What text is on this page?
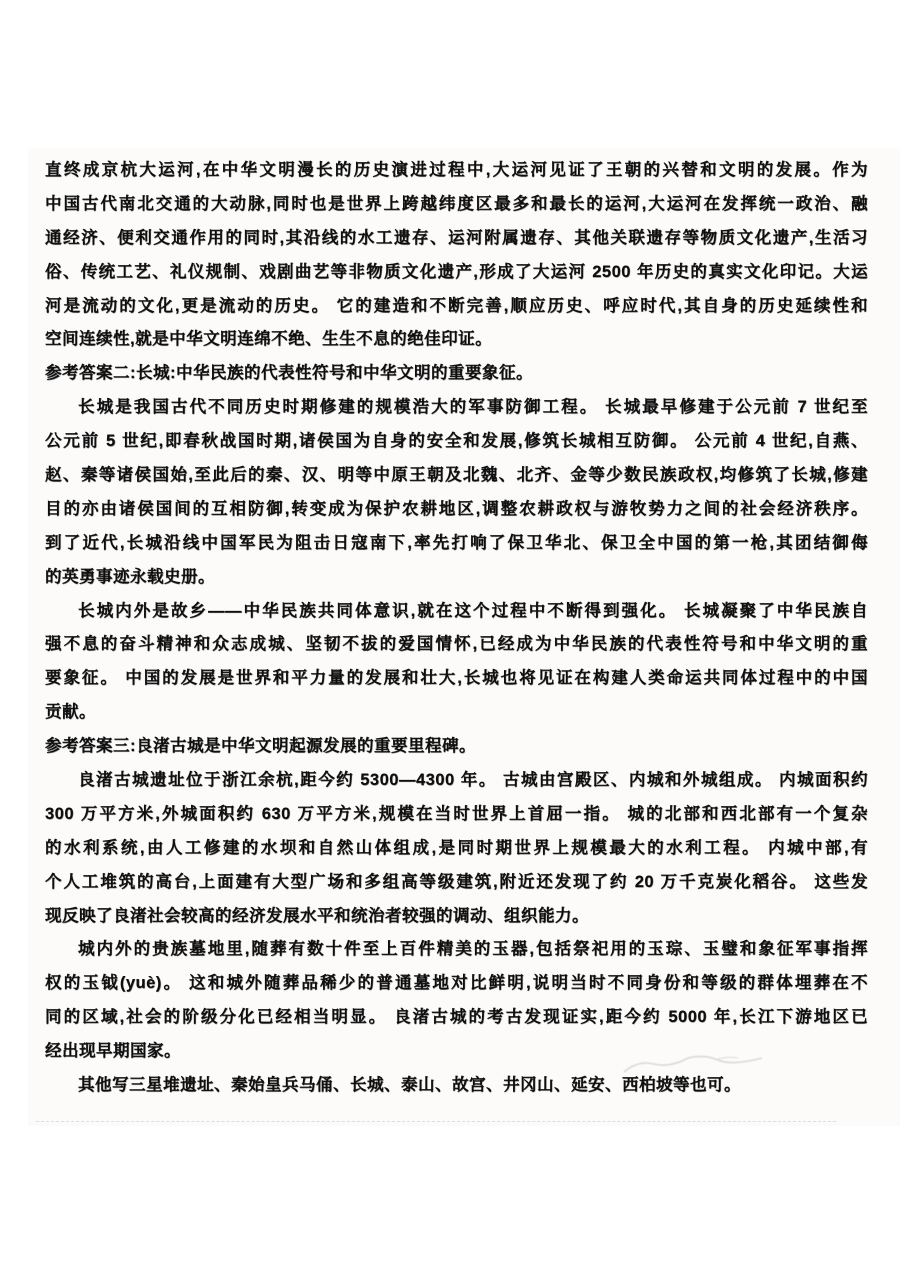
直终成京杭大运河,在中华文明漫长的历史演进过程中,大运河见证了王朝的兴替和文明的发展。作为
中国古代南北交通的大动脉,同时也是世界上跨越纬度区最多和最长的运河,大运河在发挥统一政治、融
通经济、便利交通作用的同时,其沿线的水工遗存、运河附属遗存、其他关联遗存等物质文化遗产,生活习
俗、传统工艺、礼仪规制、戏剧曲艺等非物质文化遗产,形成了大运河 2500 年历史的真实文化印记。大运
河是流动的文化,更是流动的历史。 它的建造和不断完善,顺应历史、呼应时代,其自身的历史延续性和
空间连续性,就是中华文明连绵不绝、生生不息的绝佳印证。
参考答案二:长城:中华民族的代表性符号和中华文明的重要象征。
长城是我国古代不同历史时期修建的规模浩大的军事防御工程。 长城最早修建于公元前 7 世纪至
公元前 5 世纪,即春秋战国时期,诸侯国为自身的安全和发展,修筑长城相互防御。 公元前 4 世纪,自燕、
赵、秦等诸侯国始,至此后的秦、汉、明等中原王朝及北魏、北齐、金等少数民族政权,均修筑了长城,修建
目的亦由诸侯国间的互相防御,转变成为保护农耕地区,调整农耕政权与游牧势力之间的社会经济秩序。
到了近代,长城沿线中国军民为阻击日寇南下,率先打响了保卫华北、保卫全中国的第一枪,其团结御侮
的英勇事迹永载史册。
长城内外是故乡——中华民族共同体意识,就在这个过程中不断得到强化。 长城凝聚了中华民族自
强不息的奋斗精神和众志成城、坚韧不拔的爱国情怀,已经成为中华民族的代表性符号和中华文明的重
要象征。 中国的发展是世界和平力量的发展和壮大,长城也将见证在构建人类命运共同体过程中的中国
贡献。
参考答案三:良渚古城是中华文明起源发展的重要里程碑。
良渚古城遗址位于浙江余杭,距今约 5300—4300 年。 古城由宫殿区、内城和外城组成。 内城面积约
300 万平方米,外城面积约 630 万平方米,规模在当时世界上首屈一指。 城的北部和西北部有一个复杂
的水利系统,由人工修建的水坝和自然山体组成,是同时期世界上规模最大的水利工程。 内城中部,有
个人工堆筑的高台,上面建有大型广场和多组高等级建筑,附近还发现了约 20 万千克炭化稻谷。 这些发
现反映了良渚社会较高的经济发展水平和统治者较强的调动、组织能力。
城内外的贵族墓地里,随葬有数十件至上百件精美的玉器,包括祭祀用的玉琮、玉璧和象征军事指挥
权的玉钺(yuè)。 这和城外随葬品稀少的普通墓地对比鲜明,说明当时不同身份和等级的群体埋葬在不
同的区域,社会的阶级分化已经相当明显。 良渚古城的考古发现证实,距今约 5000 年,长江下游地区已
经出现早期国家。
其他写三星堆遗址、秦始皇兵马俑、长城、泰山、故宫、井冈山、延安、西柏坡等也可。
